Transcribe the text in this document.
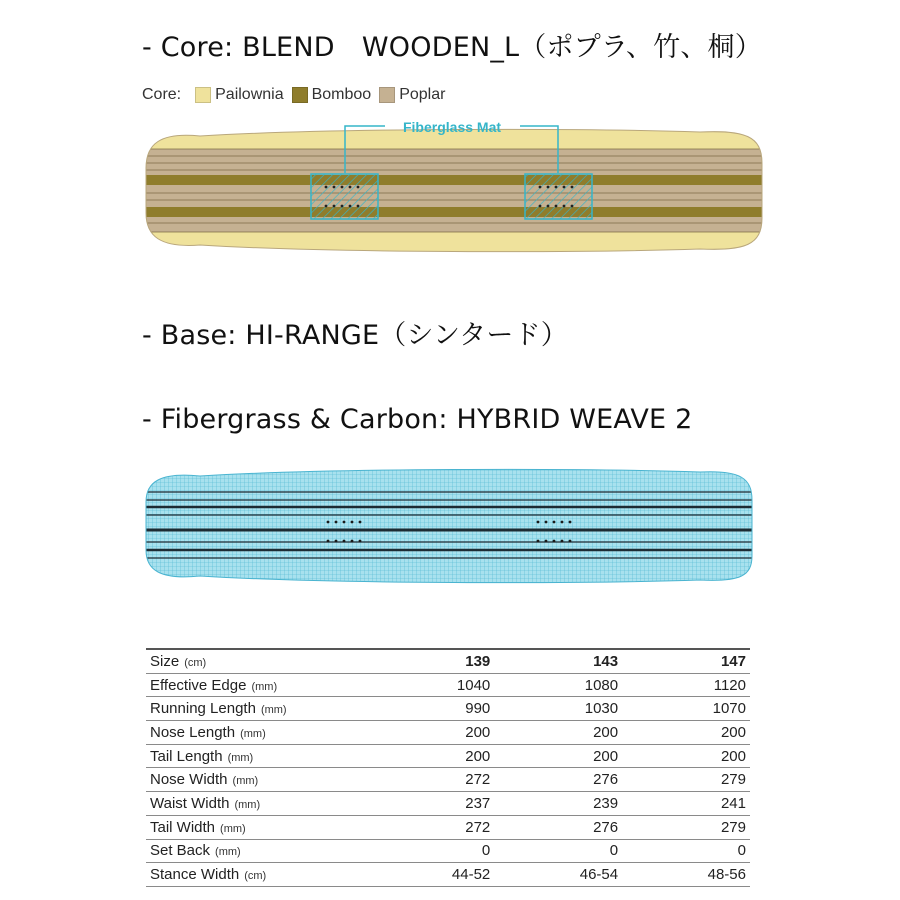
- Core: BLEND　WOODEN_L（ポプラ、竹、桐）
Core: Pailownia Bomboo Poplar
Fiberglass Mat
- Base: HI-RANGE（シンタード）
- Fibergrass & Carbon: HYBRID WEAVE 2
Size (cm)	139	143	147
Effective Edge (mm)	1040	1080	1120
Running Length (mm)	990	1030	1070
Nose Length (mm)	200	200	200
Tail Length (mm)	200	200	200
Nose Width (mm)	272	276	279
Waist Width (mm)	237	239	241
Tail Width (mm)	272	276	279
Set Back (mm)	0	0	0
Stance Width (cm)	44-52	46-54	48-56
